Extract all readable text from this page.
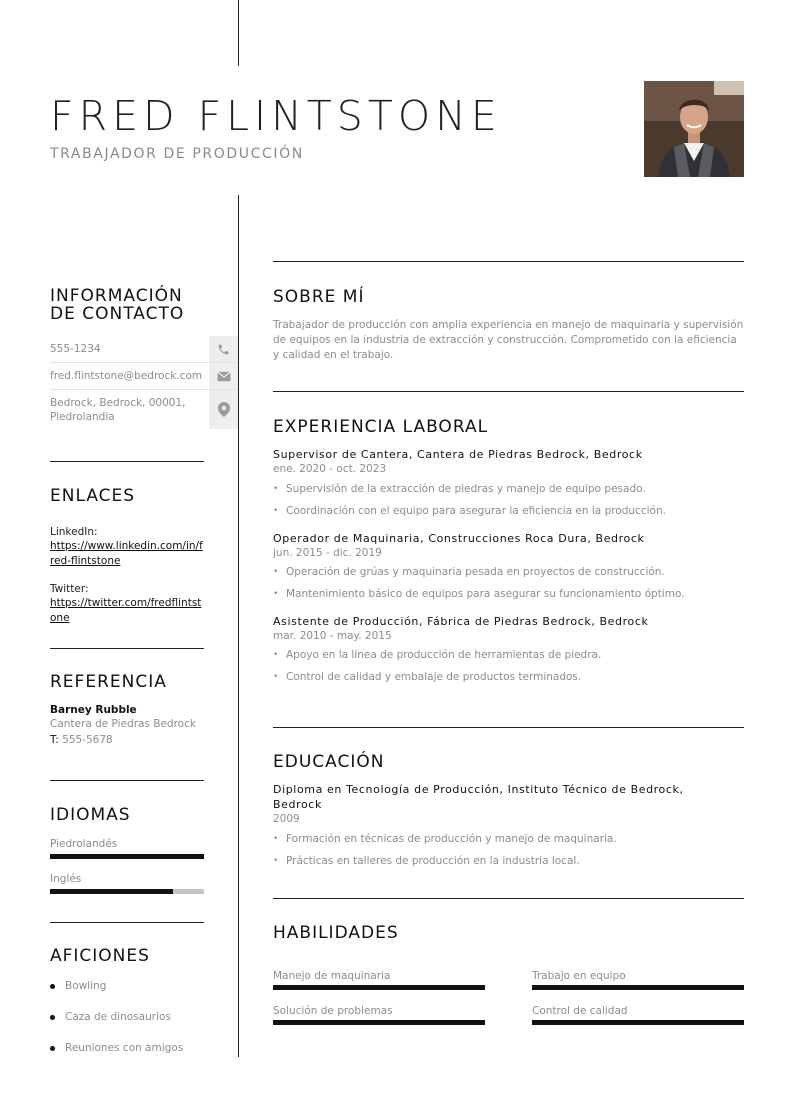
FRED FLINTSTONE
TRABAJADOR DE PRODUCCIÓN
INFORMACIÓN
DE CONTACTO
555-1234
fred.flintstone@bedrock.com
Bedrock, Bedrock, 00001, Piedrolandia
ENLACES
LinkedIn:
https://www.linkedin.com/in/fred-flintstone
Twitter:
https://twitter.com/fredflintstone
REFERENCIA
Barney Rubble
Cantera de Piedras Bedrock
T: 555-5678
IDIOMAS
Piedrolandés
Inglés
AFICIONES
Bowling
Caza de dinosaurios
Reuniones con amigos
SOBRE MÍ
Trabajador de producción con amplia experiencia en manejo de maquinaria y supervisión de equipos en la industria de extracción y construcción. Comprometido con la eficiencia y calidad en el trabajo.
EXPERIENCIA LABORAL
Supervisor de Cantera, Cantera de Piedras Bedrock, Bedrock
ene. 2020 - oct. 2023
• Supervisión de la extracción de piedras y manejo de equipo pesado.
• Coordinación con el equipo para asegurar la eficiencia en la producción.
Operador de Maquinaria, Construcciones Roca Dura, Bedrock
jun. 2015 - dic. 2019
• Operación de grúas y maquinaria pesada en proyectos de construcción.
• Mantenimiento básico de equipos para asegurar su funcionamiento óptimo.
Asistente de Producción, Fábrica de Piedras Bedrock, Bedrock
mar. 2010 - may. 2015
• Apoyo en la línea de producción de herramientas de piedra.
• Control de calidad y embalaje de productos terminados.
EDUCACIÓN
Diploma en Tecnología de Producción, Instituto Técnico de Bedrock, Bedrock
2009
• Formación en técnicas de producción y manejo de maquinaria.
• Prácticas en talleres de producción en la industria local.
HABILIDADES
Manejo de maquinaria	Trabajo en equipo
Solución de problemas	Control de calidad
